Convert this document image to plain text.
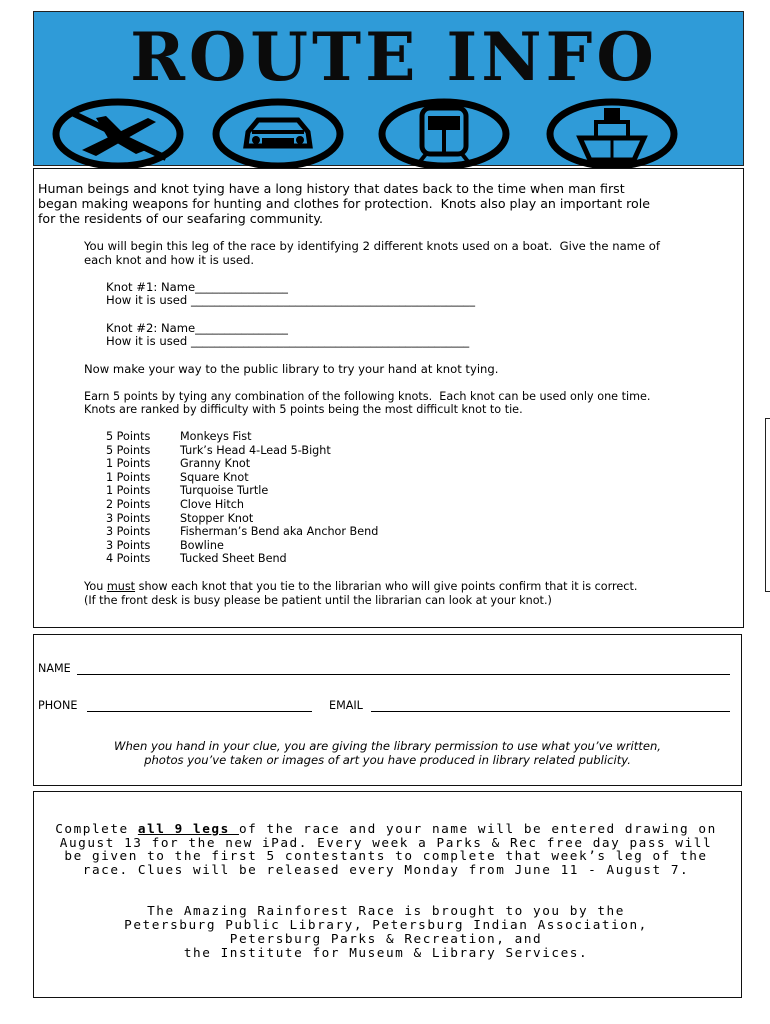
ROUTE INFO
Human beings and knot tying have a long history that dates back to the time when man first
began making weapons for hunting and clothes for protection.  Knots also play an important role
for the residents of our seafaring community.
You will begin this leg of the race by identifying 2 different knots used on a boat.  Give the name of
each knot and how it is used.
Knot #1: Name________________
How it is used _________________________________________________
Knot #2: Name________________
How it is used ________________________________________________
Now make your way to the public library to try your hand at knot tying.
Earn 5 points by tying any combination of the following knots.  Each knot can be used only one time.
Knots are ranked by difficulty with 5 points being the most difficult knot to tie.
5 Points	Monkeys Fist
5 Points	Turk’s Head 4-Lead 5-Bight
1 Points	Granny Knot
1 Points	Square Knot
1 Points	Turquoise Turtle
2 Points	Clove Hitch
3 Points	Stopper Knot
3 Points	Fisherman’s Bend aka Anchor Bend
3 Points	Bowline
4 Points	Tucked Sheet Bend
You must show each knot that you tie to the librarian who will give points confirm that it is correct.
(If the front desk is busy please be patient until the librarian can look at your knot.)
NAME
PHONE	EMAIL
When you hand in your clue, you are giving the library permission to use what you’ve written,
photos you’ve taken or images of art you have produced in library related publicity.
Complete all 9 legs of the race and your name will be entered drawing on August 13 for the new iPad. Every week a Parks & Rec free day pass will be given to the first 5 contestants to complete that week’s leg of the race. Clues will be released every Monday from June 11 - August 7.
The Amazing Rainforest Race is brought to you by the
Petersburg Public Library, Petersburg Indian Association,
Petersburg Parks & Recreation, and
the Institute for Museum & Library Services.
